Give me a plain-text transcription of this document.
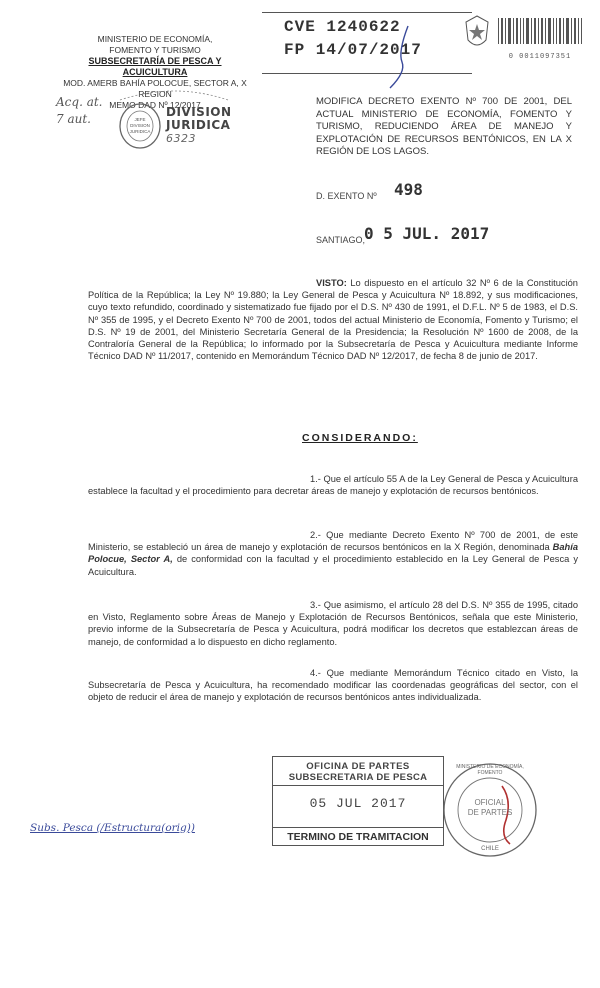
MINISTERIO DE ECONOMÍA,
FOMENTO Y TURISMO
SUBSECRETARÍA DE PESCA Y ACUICULTURA
MOD. AMERB BAHÍA POLOCUE, SECTOR A, X REGION
MEMO DAD Nº 12/2017
Acq. at.
7 aut.	JEFE
DIVISION
JURIDICA
DIVISION
JURIDICA
6323
CVE 1240622
FP 14/07/2017	0 0011097351
MODIFICA DECRETO EXENTO Nº 700 DE 2001, DEL ACTUAL MINISTERIO DE ECONOMÍA, FOMENTO Y TURISMO, REDUCIENDO ÁREA DE MANEJO Y EXPLOTACIÓN DE RECURSOS BENTÓNICOS, EN LA X REGIÓN DE LOS LAGOS.
D. EXENTO Nº 498
SANTIAGO,
0 5 JUL. 2017
VISTO: Lo dispuesto en el artículo 32 Nº 6 de la Constitución Política de la República; la Ley Nº 19.880; la Ley General de Pesca y Acuicultura Nº 18.892, y sus modificaciones, cuyo texto refundido, coordinado y sistematizado fue fijado por el D.S. Nº 430 de 1991, el D.F.L. Nº 5 de 1983, el D.S. Nº 355 de 1995, y el Decreto Exento Nº 700 de 2001, todos del actual Ministerio de Economía, Fomento y Turismo; el D.S. Nº 19 de 2001, del Ministerio Secretaría General de la Presidencia; la Resolución Nº 1600 de 2008, de la Contraloría General de la República; lo informado por la Subsecretaría de Pesca y Acuicultura mediante Informe Técnico DAD Nº 11/2017, contenido en Memorándum Técnico DAD Nº 12/2017, de fecha 8 de junio de 2017.
CONSIDERANDO:
1.- Que el artículo 55 A de la Ley General de Pesca y Acuicultura establece la facultad y el procedimiento para decretar áreas de manejo y explotación de recursos bentónicos.
2.- Que mediante Decreto Exento Nº 700 de 2001, de este Ministerio, se estableció un área de manejo y explotación de recursos bentónicos en la X Región, denominada Bahía Polocue, Sector A, de conformidad con la facultad y el procedimiento establecido en la Ley General de Pesca y Acuicultura.
3.- Que asimismo, el artículo 28 del D.S. Nº 355 de 1995, citado en Visto, Reglamento sobre Áreas de Manejo y Explotación de Recursos Bentónicos, señala que este Ministerio, previo informe de la Subsecretaría de Pesca y Acuicultura, podrá modificar los decretos que establezcan áreas de manejo, de conformidad a lo dispuesto en dicho reglamento.
4.- Que mediante Memorándum Técnico citado en Visto, la Subsecretaría de Pesca y Acuicultura, ha recomendado modificar las coordenadas geográficas del sector, con el objeto de reducir el área de manejo y explotación de recursos bentónicos antes individualizada.
OFICINA DE PARTES
SUBSECRETARIA DE PESCA
05 JUL 2017
TERMINO DE TRAMITACION
MINISTERIO DE ECONOMÍA, FOMENTO
OFICIAL
DE PARTES
CHILE
Subs. Pesca (/Estructura(orig))
